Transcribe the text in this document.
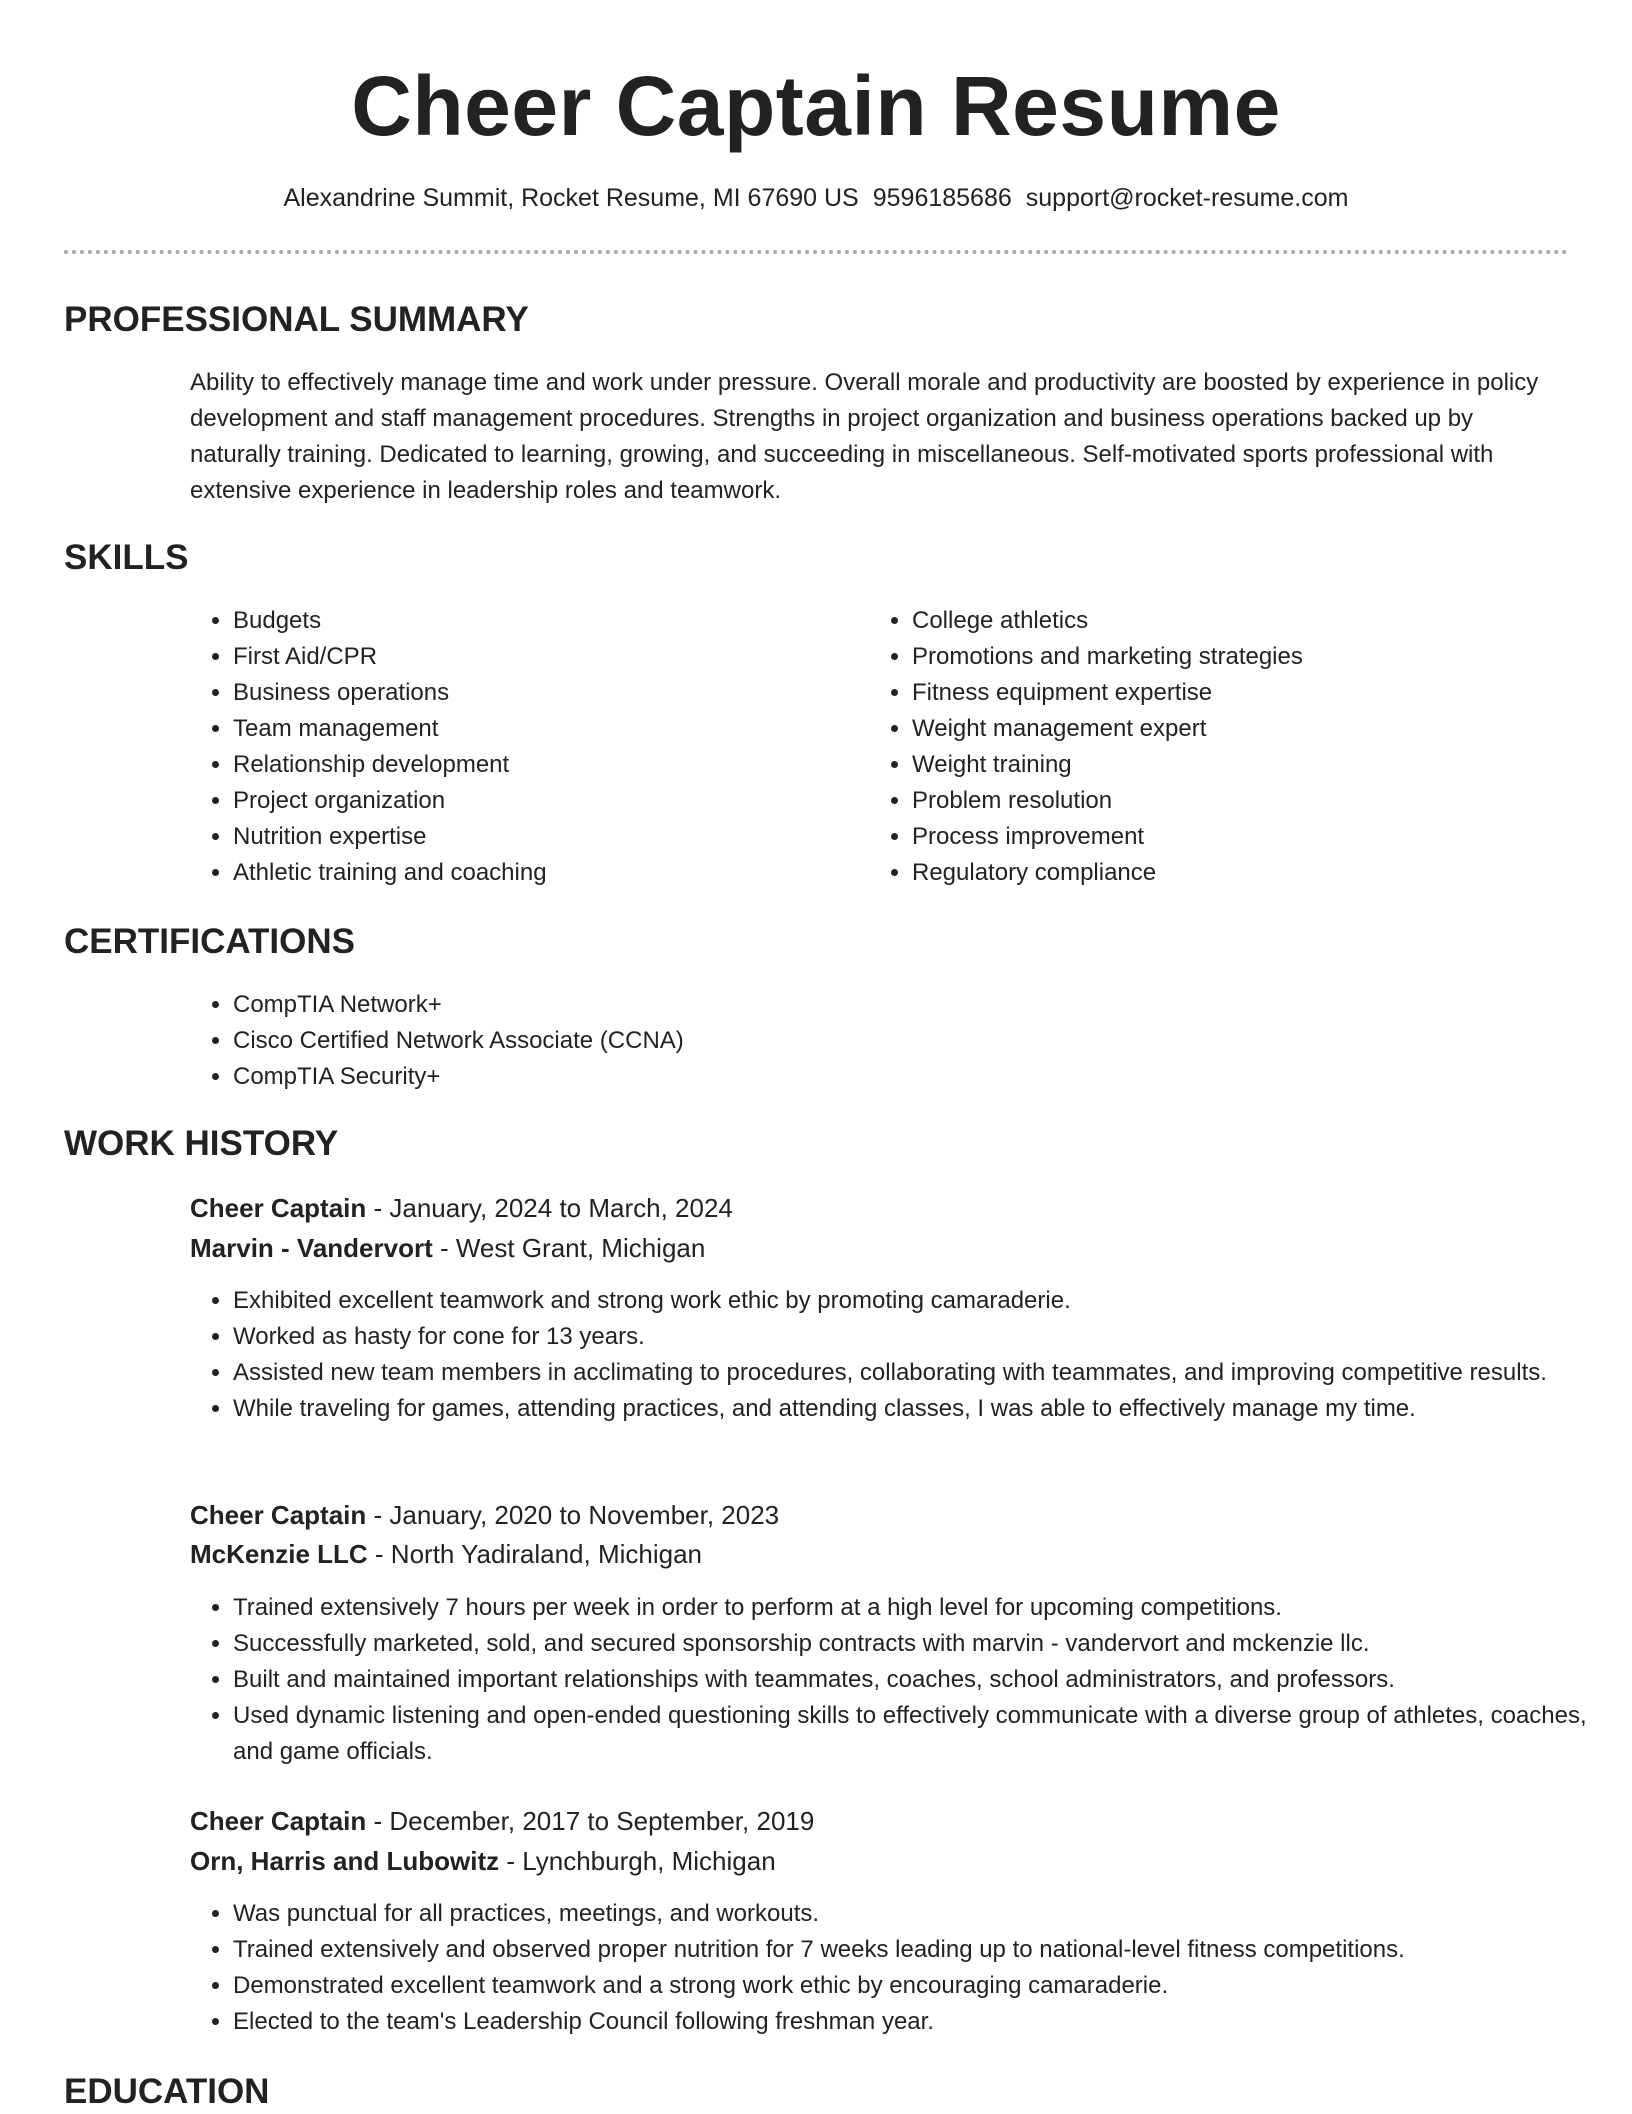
Cheer Captain Resume
Alexandrine Summit, Rocket Resume, MI 67690 US 9596185686 support@rocket-resume.com
PROFESSIONAL SUMMARY

Ability to effectively manage time and work under pressure. Overall morale and productivity are boosted by experience in policy development and staff management procedures. Strengths in project organization and business operations backed up by naturally training. Dedicated to learning, growing, and succeeding in miscellaneous. Self-motivated sports professional with extensive experience in leadership roles and teamwork.

SKILLS
• Budgets
• First Aid/CPR
• Business operations
• Team management
• Relationship development
• Project organization
• Nutrition expertise
• Athletic training and coaching
• College athletics
• Promotions and marketing strategies
• Fitness equipment expertise
• Weight management expert
• Weight training
• Problem resolution
• Process improvement
• Regulatory compliance
CERTIFICATIONS
• CompTIA Network+
• Cisco Certified Network Associate (CCNA)
• CompTIA Security+
WORK HISTORY
Cheer Captain - January, 2024 to March, 2024
Marvin - Vandervort - West Grant, Michigan
• Exhibited excellent teamwork and strong work ethic by promoting camaraderie.
• Worked as hasty for cone for 13 years.
• Assisted new team members in acclimating to procedures, collaborating with teammates, and improving competitive results.
• While traveling for games, attending practices, and attending classes, I was able to effectively manage my time.
Cheer Captain - January, 2020 to November, 2023
McKenzie LLC - North Yadiraland, Michigan
• Trained extensively 7 hours per week in order to perform at a high level for upcoming competitions.
• Successfully marketed, sold, and secured sponsorship contracts with marvin - vandervort and mckenzie llc.
• Built and maintained important relationships with teammates, coaches, school administrators, and professors.
• Used dynamic listening and open-ended questioning skills to effectively communicate with a diverse group of athletes, coaches, and game officials.
Cheer Captain - December, 2017 to September, 2019
Orn, Harris and Lubowitz - Lynchburgh, Michigan
• Was punctual for all practices, meetings, and workouts.
• Trained extensively and observed proper nutrition for 7 weeks leading up to national-level fitness competitions.
• Demonstrated excellent teamwork and a strong work ethic by encouraging camaraderie.
• Elected to the team's Leadership Council following freshman year.
EDUCATION
